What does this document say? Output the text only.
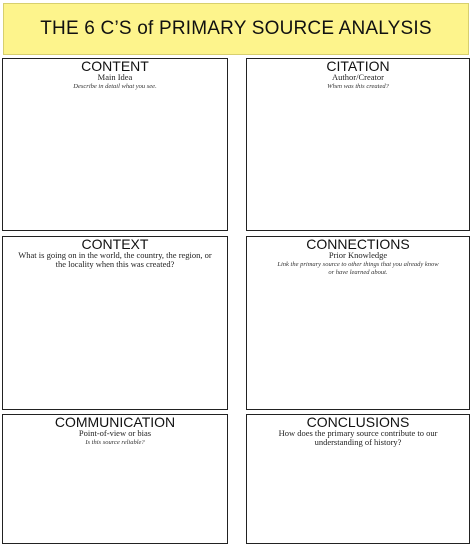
THE 6 C’S of PRIMARY SOURCE ANALYSIS
CONTENT
Main Idea
Describe in detail what you see.
CITATION
Author/Creator
When was this created?
CONTEXT
What is going on in the world, the country, the region, or the locality when this was created?
CONNECTIONS
Prior Knowledge
Link the primary source to other things that you already know or have learned about.
COMMUNICATION
Point-of-view or bias
Is this source reliable?
CONCLUSIONS
How does the primary source contribute to our understanding of history?
